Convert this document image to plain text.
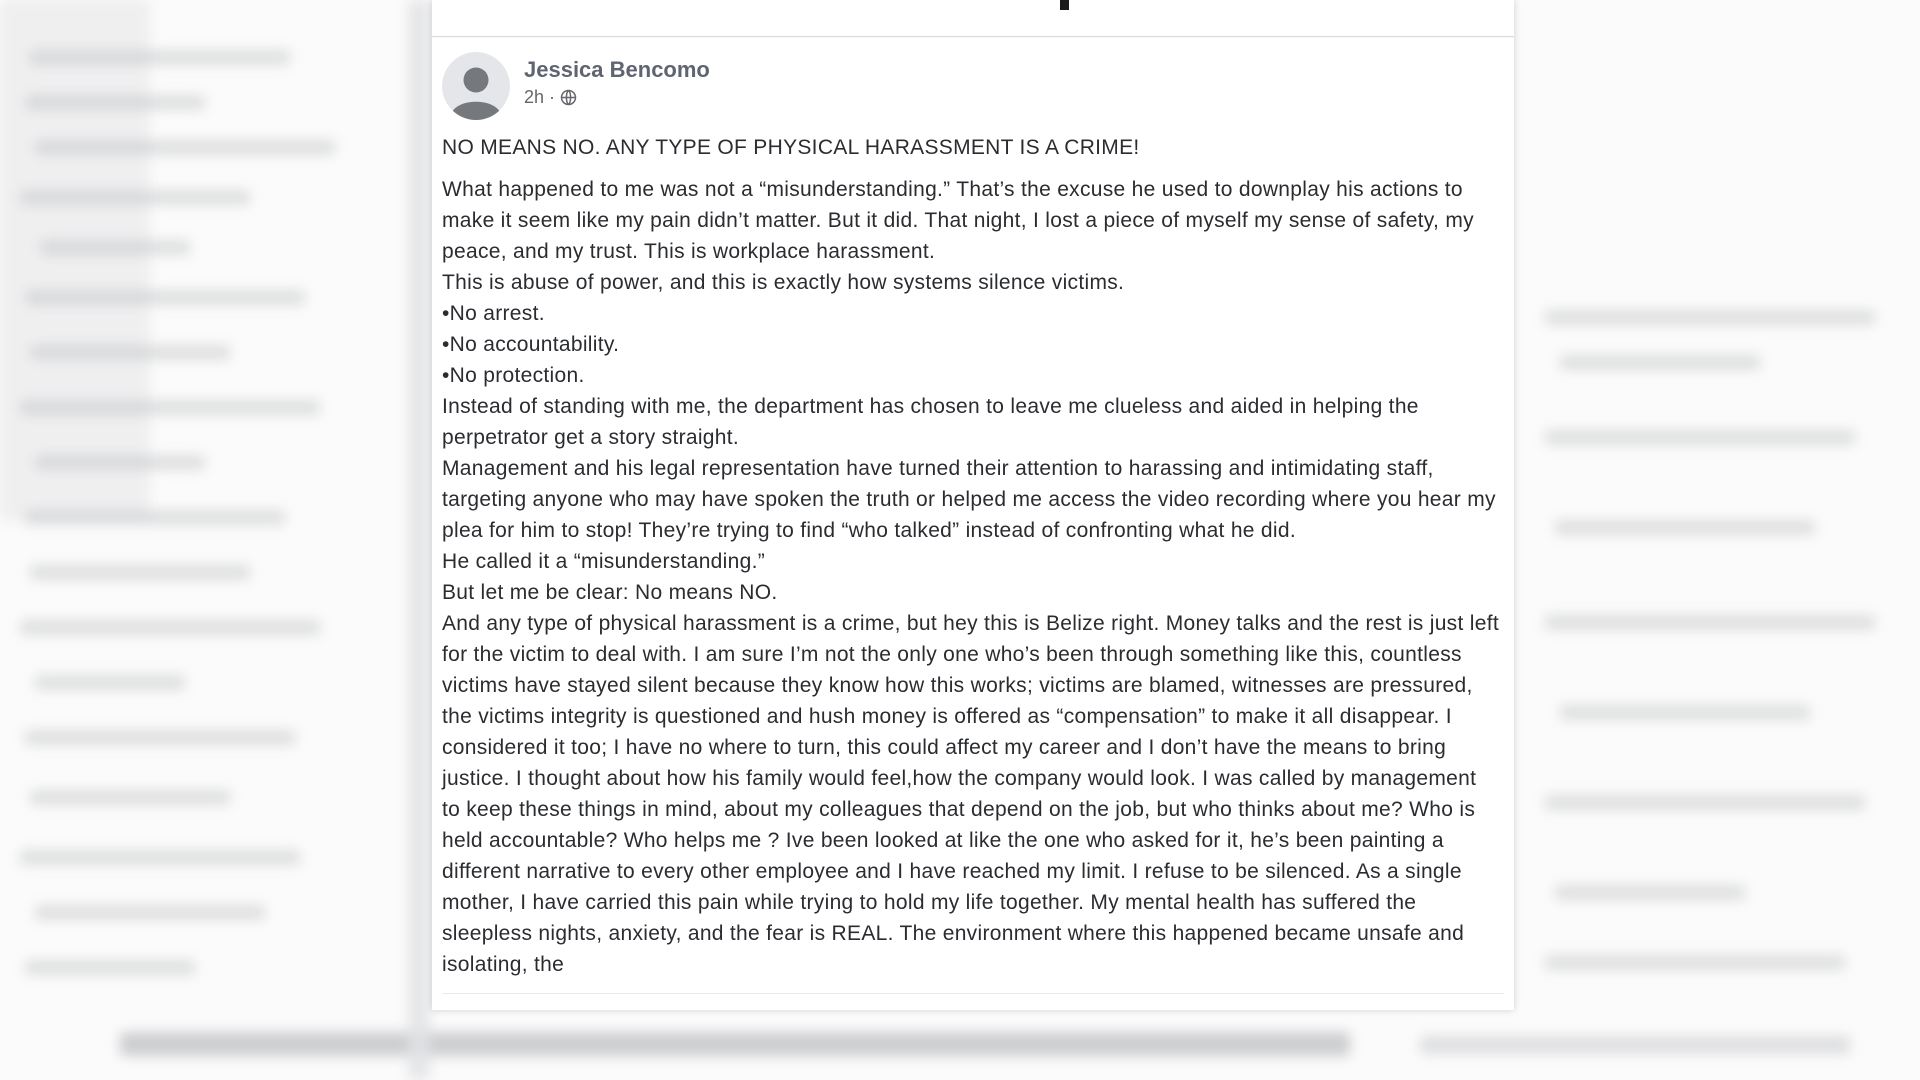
Jessica Bencomo
2h ·

NO MEANS NO. ANY TYPE OF PHYSICAL HARASSMENT IS A CRIME!

What happened to me was not a “misunderstanding.” That’s the excuse he used to downplay his actions to make it seem like my pain didn’t matter. But it did. That night, I lost a piece of myself my sense of safety, my peace, and my trust. This is workplace harassment.

This is abuse of power, and this is exactly how systems silence victims.

•No arrest.

•No accountability.

•No protection.

Instead of standing with me, the department has chosen to leave me clueless and aided in helping the perpetrator get a story straight.

Management and his legal representation have turned their attention to harassing and intimidating staff, targeting anyone who may have spoken the truth or helped me access the video recording where you hear my plea for him to stop! They’re trying to find “who talked” instead of confronting what he did.

He called it a “misunderstanding.”

But let me be clear: No means NO.

And any type of physical harassment is a crime, but hey this is Belize right. Money talks and the rest is just left for the victim to deal with. I am sure I’m not the only one who’s been through something like this, countless victims have stayed silent because they know how this works; victims are blamed, witnesses are pressured, the victims integrity is questioned and hush money is offered as “compensation” to make it all disappear. I considered it too; I have no where to turn, this could affect my career and I don’t have the means to bring justice. I thought about how his family would feel,how the company would look. I was called by management to keep these things in mind, about my colleagues that depend on the job, but who thinks about me? Who is held accountable? Who helps me ? Ive been looked at like the one who asked for it, he’s been painting a different narrative to every other employee and I have reached my limit. I refuse to be silenced. As a single mother, I have carried this pain while trying to hold my life together. My mental health has suffered the sleepless nights, anxiety, and the fear is REAL. The environment where this happened became unsafe and isolating, the
